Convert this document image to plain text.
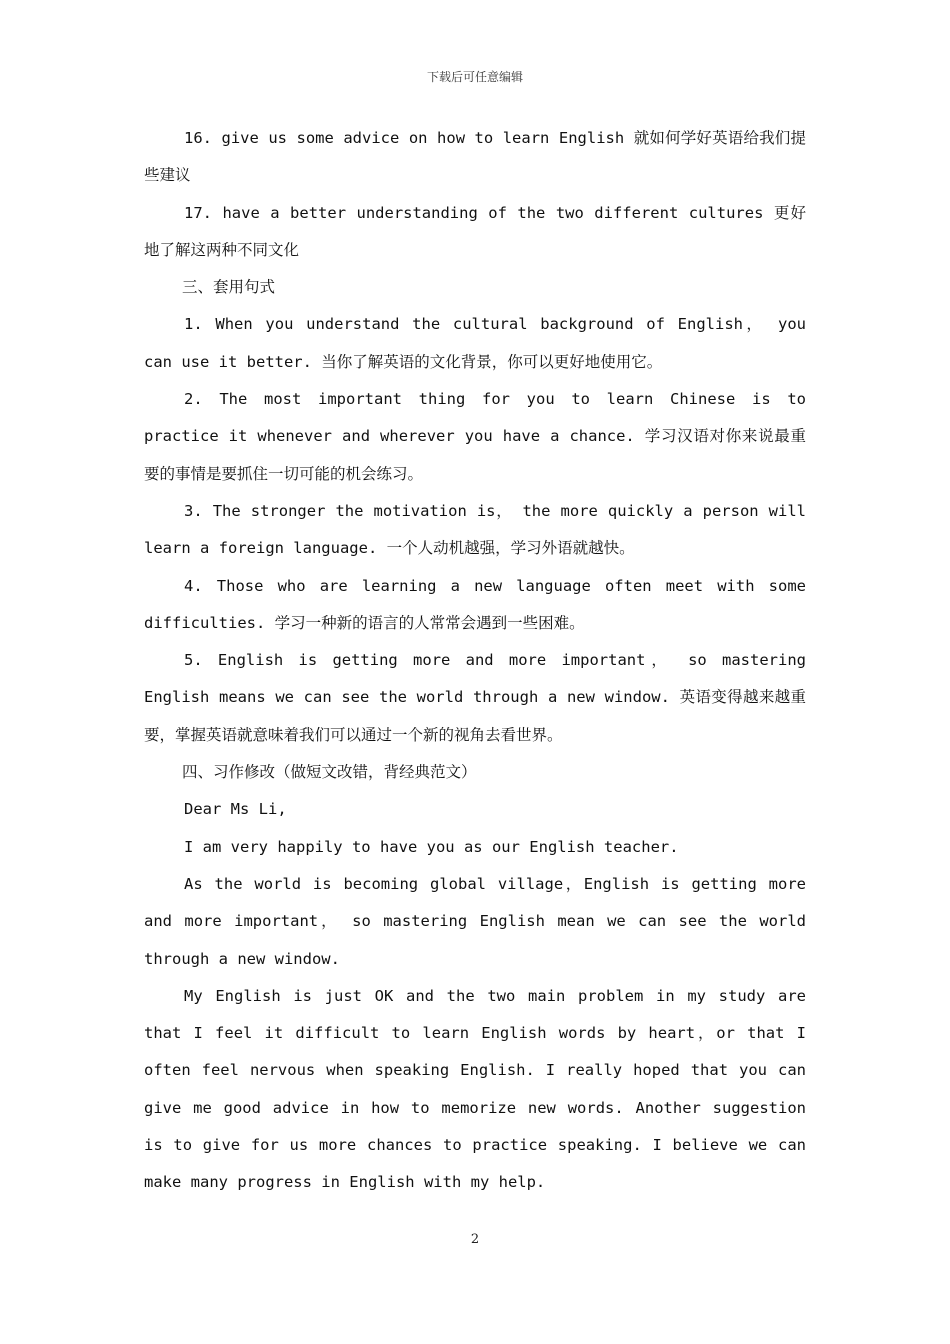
下载后可任意编辑

16. give us some advice on how to learn English 就如何学好英语给我们提些建议

17. have a better understanding of the two different cultures 更好地了解这两种不同文化

三、套用句式

1. When you understand the cultural background of English， you can use it better. 当你了解英语的文化背景，你可以更好地使用它。

2. The most important thing for you to learn Chinese is to practice it whenever and wherever you have a chance. 学习汉语对你来说最重要的事情是要抓住一切可能的机会练习。

3. The stronger the motivation is， the more quickly a person will learn a foreign language. 一个人动机越强，学习外语就越快。

4. Those who are learning a new language often meet with some difficulties. 学习一种新的语言的人常常会遇到一些困难。

5. English is getting more and more important， so mastering English means we can see the world through a new window. 英语变得越来越重要，掌握英语就意味着我们可以通过一个新的视角去看世界。

四、习作修改（做短文改错，背经典范文）

Dear Ms Li,

I am very happily to have you as our English teacher.

As the world is becoming global village，English is getting more and more important， so mastering English mean we can see the world through a new window.

My English is just OK and the two main problem in my study are that I feel it difficult to learn English words by heart，or that I often feel nervous when speaking English. I really hoped that you can give me good advice in how to memorize new words. Another suggestion is to give for us more chances to practice speaking. I believe we can make many progress in English with my help.

2
